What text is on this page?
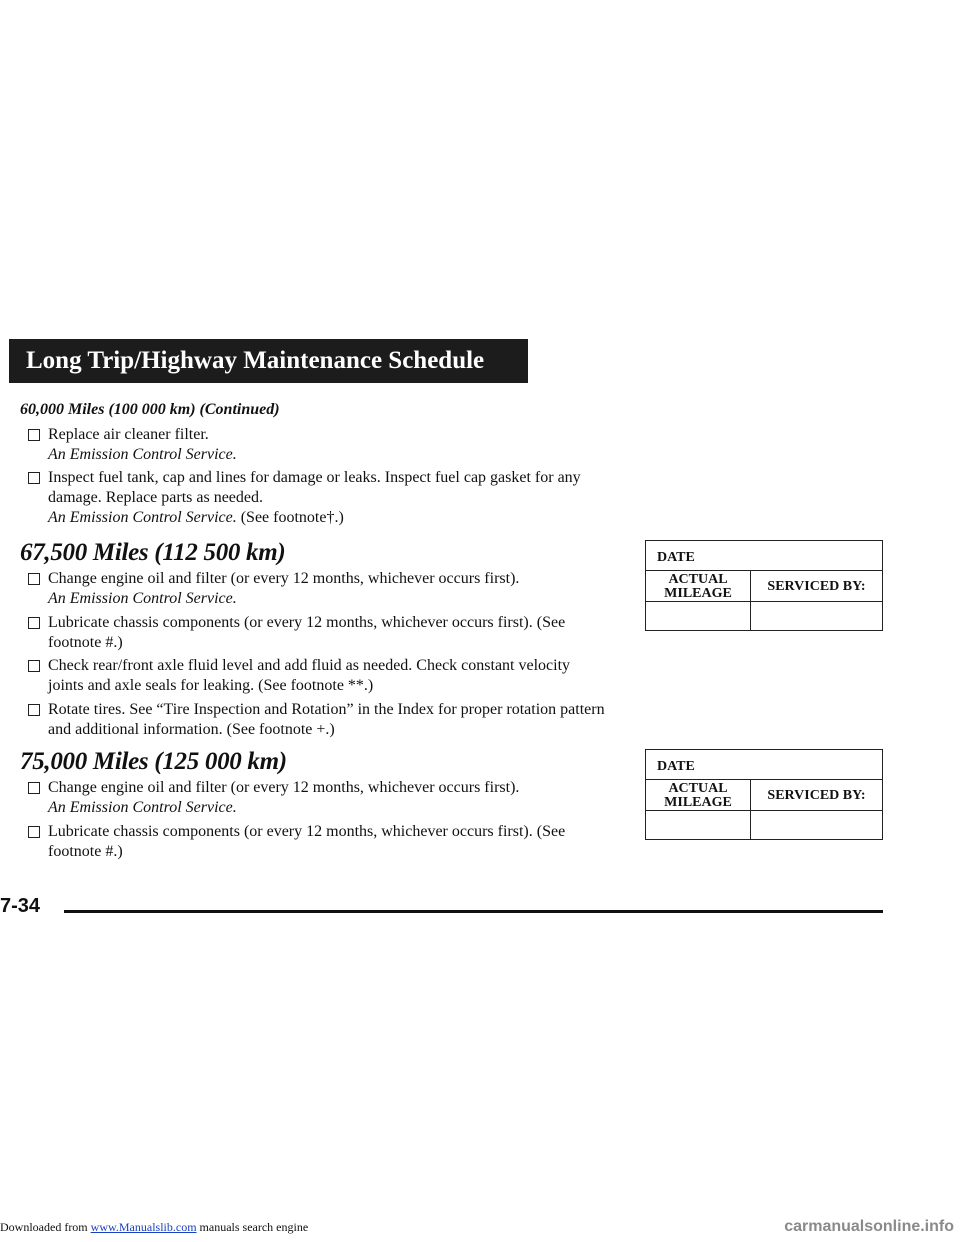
Long Trip/Highway Maintenance Schedule
60,000 Miles (100 000 km) (Continued)
Replace air cleaner filter.
An Emission Control Service.
Inspect fuel tank, cap and lines for damage or leaks. Inspect fuel cap gasket for any damage. Replace parts as needed.
An Emission Control Service. (See footnote†.)
67,500 Miles (112 500 km)
Change engine oil and filter (or every 12 months, whichever occurs first).
An Emission Control Service.
Lubricate chassis components (or every 12 months, whichever occurs first). (See footnote #.)
Check rear/front axle fluid level and add fluid as needed. Check constant velocity joints and axle seals for leaking. (See footnote **.)
Rotate tires. See “Tire Inspection and Rotation” in the Index for proper rotation pattern and additional information. (See footnote +.)
75,000 Miles (125 000 km)
Change engine oil and filter (or every 12 months, whichever occurs first).
An Emission Control Service.
Lubricate chassis components (or every 12 months, whichever occurs first). (See footnote #.)
DATE
ACTUAL
MILEAGE	SERVICED BY:
DATE
ACTUAL
MILEAGE	SERVICED BY:
7-34
Downloaded from www.Manualslib.com manuals search engine	carmanualsonline.info
